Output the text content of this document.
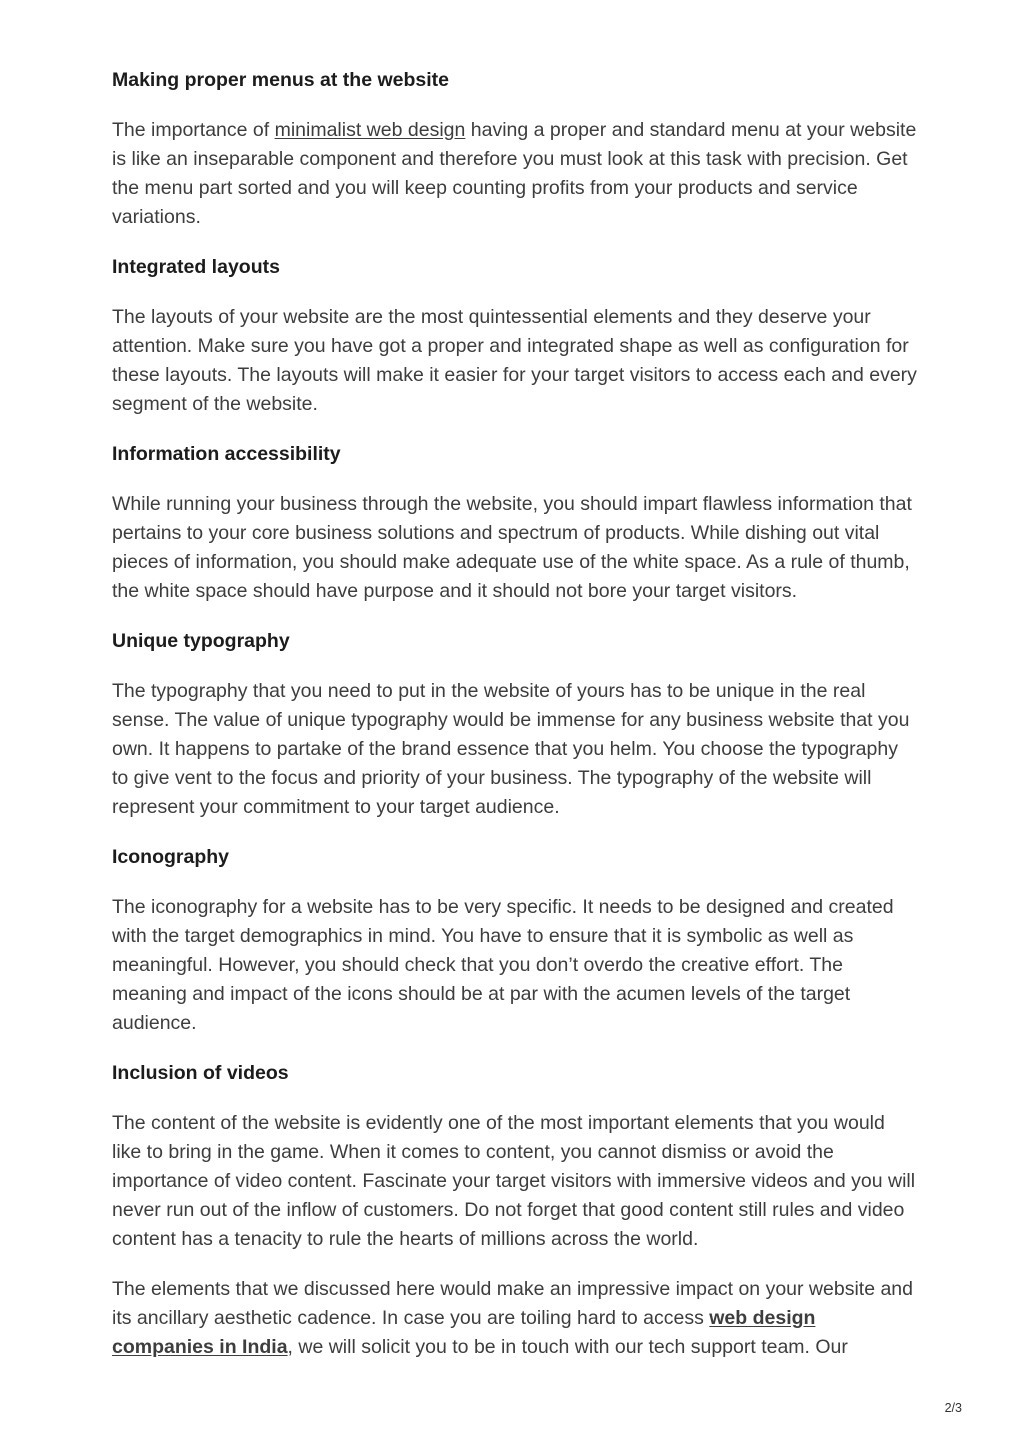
Making proper menus at the website

The importance of minimalist web design having a proper and standard menu at your website is like an inseparable component and therefore you must look at this task with precision. Get the menu part sorted and you will keep counting profits from your products and service variations.

Integrated layouts

The layouts of your website are the most quintessential elements and they deserve your attention. Make sure you have got a proper and integrated shape as well as configuration for these layouts. The layouts will make it easier for your target visitors to access each and every segment of the website.

Information accessibility

While running your business through the website, you should impart flawless information that pertains to your core business solutions and spectrum of products. While dishing out vital pieces of information, you should make adequate use of the white space. As a rule of thumb, the white space should have purpose and it should not bore your target visitors.

Unique typography

The typography that you need to put in the website of yours has to be unique in the real sense. The value of unique typography would be immense for any business website that you own. It happens to partake of the brand essence that you helm. You choose the typography to give vent to the focus and priority of your business. The typography of the website will represent your commitment to your target audience.

Iconography

The iconography for a website has to be very specific. It needs to be designed and created with the target demographics in mind. You have to ensure that it is symbolic as well as meaningful. However, you should check that you don’t overdo the creative effort. The meaning and impact of the icons should be at par with the acumen levels of the target audience.

Inclusion of videos

The content of the website is evidently one of the most important elements that you would like to bring in the game. When it comes to content, you cannot dismiss or avoid the importance of video content. Fascinate your target visitors with immersive videos and you will never run out of the inflow of customers. Do not forget that good content still rules and video content has a tenacity to rule the hearts of millions across the world.

The elements that we discussed here would make an impressive impact on your website and its ancillary aesthetic cadence. In case you are toiling hard to access web design companies in India, we will solicit you to be in touch with our tech support team. Our

2/3
